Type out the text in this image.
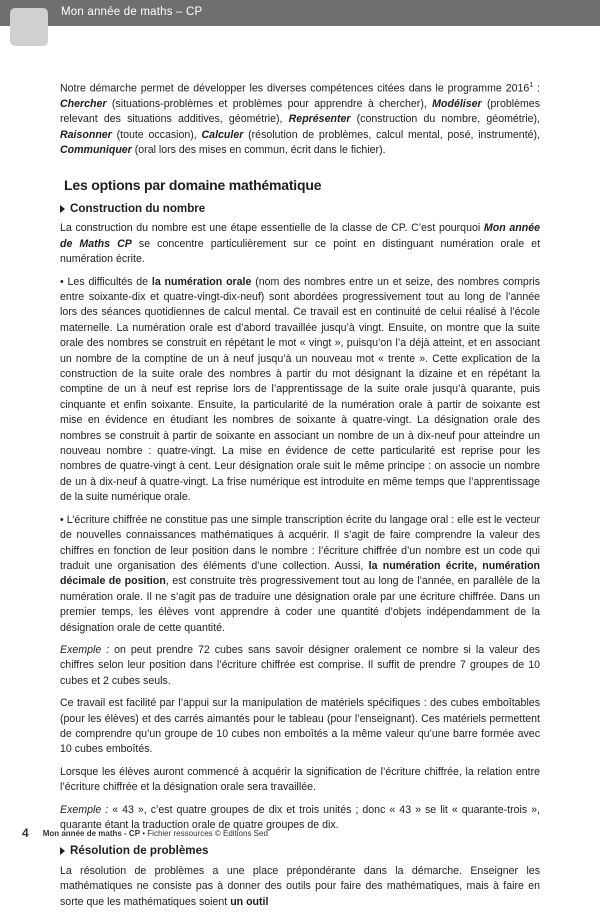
Mon année de maths – CP

Notre démarche permet de développer les diverses compétences citées dans le programme 2016$^1$ : Chercher (situations-problèmes et problèmes pour apprendre à chercher), Modéliser (problèmes relevant des situations additives, géométrie), Représenter (construction du nombre, géométrie), Raisonner (toute occasion), Calculer (résolution de problèmes, calcul mental, posé, instrumenté), Communiquer (oral lors des mises en commun, écrit dans le fichier).

Les options par domaine mathématique
Construction du nombre

La construction du nombre est une étape essentielle de la classe de CP. C’est pourquoi Mon année de Maths CP se concentre particulièrement sur ce point en distinguant numération orale et numération écrite.

• Les difficultés de la numération orale (nom des nombres entre un et seize, des nombres compris entre soixante-dix et quatre-vingt-dix-neuf) sont abordées progressivement tout au long de l’année lors des séances quotidiennes de calcul mental. Ce travail est en continuité de celui réalisé à l’école maternelle. La numération orale est d’abord travaillée jusqu’à vingt. Ensuite, on montre que la suite orale des nombres se construit en répétant le mot « vingt », puisqu’on l’a déjà atteint, et en associant un nombre de la comptine de un à neuf jusqu’à un nouveau mot « trente ». Cette explication de la construction de la suite orale des nombres à partir du mot désignant la dizaine et en répétant la comptine de un à neuf est reprise lors de l’apprentissage de la suite orale jusqu’à quarante, puis cinquante et enfin soixante. Ensuite, la particularité de la numération orale à partir de soixante est mise en évidence en étudiant les nombres de soixante à quatre-vingt. La désignation orale des nombres se construit à partir de soixante en associant un nombre de un à dix-neuf pour atteindre un nouveau nombre : quatre-vingt. La mise en évidence de cette particularité est reprise pour les nombres de quatre-vingt à cent. Leur désignation orale suit le même principe : on associe un nombre de un à dix-neuf à quatre-vingt. La frise numérique est introduite en même temps que l’apprentissage de la suite numérique orale.

• L’écriture chiffrée ne constitue pas une simple transcription écrite du langage oral : elle est le vecteur de nouvelles connaissances mathématiques à acquérir. Il s’agit de faire comprendre la valeur des chiffres en fonction de leur position dans le nombre : l’écriture chiffrée d’un nombre est un code qui traduit une organisation des éléments d’une collection. Aussi, la numération écrite, numération décimale de position, est construite très progressivement tout au long de l’année, en parallèle de la numération orale. Il ne s’agit pas de traduire une désignation orale par une écriture chiffrée. Dans un premier temps, les élèves vont apprendre à coder une quantité d’objets indépendamment de la désignation orale de cette quantité.

Exemple : on peut prendre 72 cubes sans savoir désigner oralement ce nombre si la valeur des chiffres selon leur position dans l’écriture chiffrée est comprise. Il suffit de prendre 7 groupes de 10 cubes et 2 cubes seuls.

Ce travail est facilité par l’appui sur la manipulation de matériels spécifiques : des cubes emboîtables (pour les élèves) et des carrés aimantés pour le tableau (pour l’enseignant). Ces matériels permettent de comprendre qu’un groupe de 10 cubes non emboîtés a la même valeur qu’une barre formée avec 10 cubes emboîtés.

Lorsque les élèves auront commencé à acquérir la signification de l’écriture chiffrée, la relation entre l’écriture chiffrée et la désignation orale sera travaillée.

Exemple : « 43 », c’est quatre groupes de dix et trois unités ; donc « 43 » se lit « quarante-trois », quarante étant la traduction orale de quatre groupes de dix.

Résolution de problèmes

La résolution de problèmes a une place prépondérante dans la démarche. Enseigner les mathématiques ne consiste pas à donner des outils pour faire des mathématiques, mais à faire en sorte que les mathématiques soient un outil

4 Mon année de maths - CP • Fichier ressources © Éditions Sed
